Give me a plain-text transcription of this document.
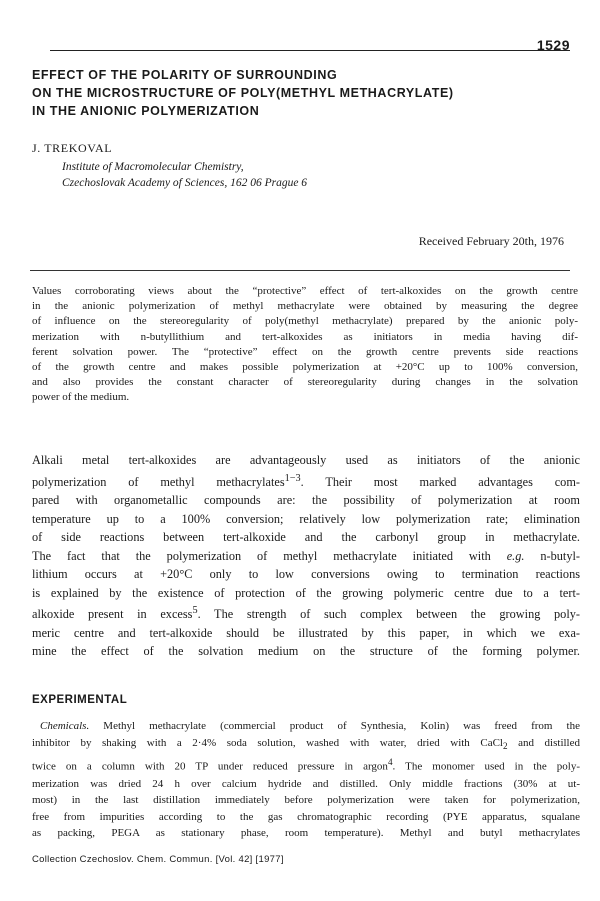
1529
EFFECT OF THE POLARITY OF SURROUNDING
ON THE MICROSTRUCTURE OF POLY(METHYL METHACRYLATE)
IN THE ANIONIC POLYMERIZATION
J. TREKOVAL
Institute of Macromolecular Chemistry,
Czechoslovak Academy of Sciences, 162 06 Prague 6
Received February 20th, 1976
Values corroborating views about the “protective” effect of tert-alkoxides on the growth centre
in the anionic polymerization of methyl methacrylate were obtained by measuring the degree
of influence on the stereoregularity of poly(methyl methacrylate) prepared by the anionic poly-
merization with n-butyllithium and tert-alkoxides as initiators in media having dif-
ferent solvation power. The “protective” effect on the growth centre prevents side reactions
of the growth centre and makes possible polymerization at +20°C up to 100% conversion,
and also provides the constant character of stereoregularity during changes in the solvation
power of the medium.
Alkali metal tert-alkoxides are advantageously used as initiators of the anionic
polymerization of methyl methacrylates$^{1-3}$. Their most marked advantages com-
pared with organometallic compounds are: the possibility of polymerization at room
temperature up to a 100% conversion; relatively low polymerization rate; elimination
of side reactions between tert-alkoxide and the carbonyl group in methacrylate.
The fact that the polymerization of methyl methacrylate initiated with e.g. n-butyl-
lithium occurs at +20°C only to low conversions owing to termination reactions
is explained by the existence of protection of the growing polymeric centre due to a tert-
alkoxide present in excess$^5$. The strength of such complex between the growing poly-
meric centre and tert-alkoxide should be illustrated by this paper, in which we exa-
mine the effect of the solvation medium on the structure of the forming polymer.
EXPERIMENTAL
Chemicals. Methyl methacrylate (commercial product of Synthesia, Kolin) was freed from the
inhibitor by shaking with a 2·4% soda solution, washed with water, dried with CaCl$_2$ and distilled
twice on a column with 20 TP under reduced pressure in argon$^4$. The monomer used in the poly-
merization was dried 24 h over calcium hydride and distilled. Only middle fractions (30% at ut-
most) in the last distillation immediately before polymerization were taken for polymerization,
free from impurities according to the gas chromatographic recording (PYE apparatus, squalane
as packing, PEGA as stationary phase, room temperature). Methyl and butyl methacrylates
Collection Czechoslov. Chem. Commun. [Vol. 42] [1977]
